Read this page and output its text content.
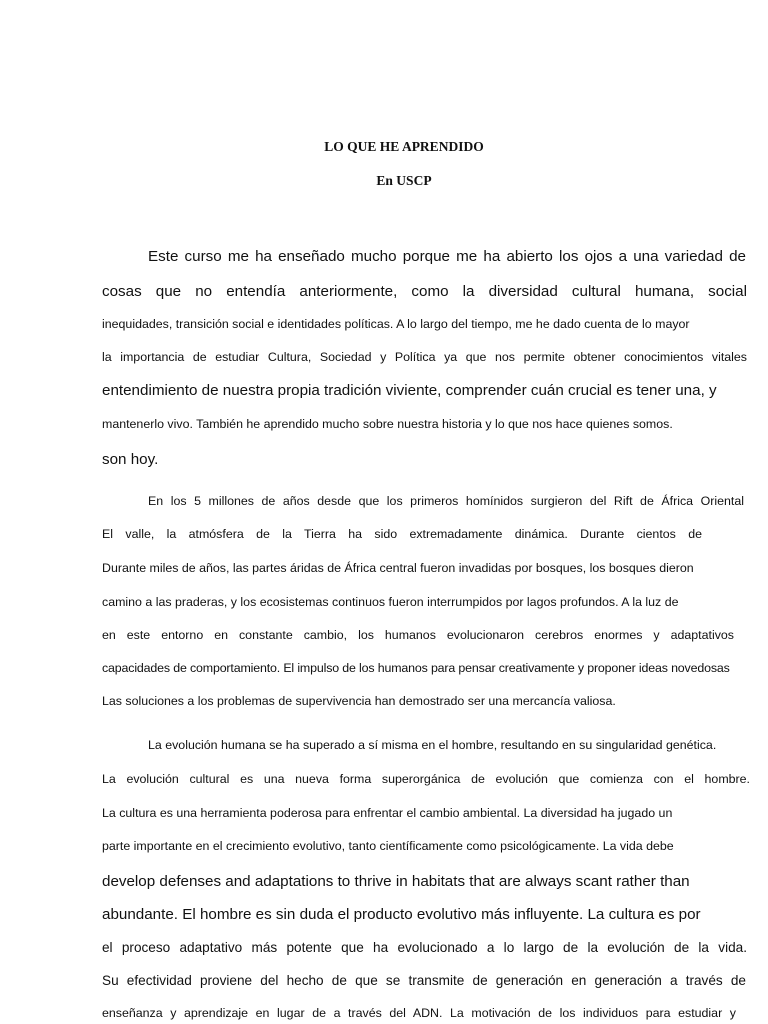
LO QUE HE APRENDIDO
En USCP
Este curso me ha enseñado mucho porque me ha abierto los ojos a una variedad de
cosas que no entendía anteriormente, como la diversidad cultural humana, social
inequidades, transición social e identidades políticas. A lo largo del tiempo, me he dado cuenta de lo mayor
la importancia de estudiar Cultura, Sociedad y Política ya que nos permite obtener conocimientos vitales
entendimiento de nuestra propia tradición viviente, comprender cuán crucial es tener una, y
mantenerlo vivo. También he aprendido mucho sobre nuestra historia y lo que nos hace quienes somos.
son hoy.
En los 5 millones de años desde que los primeros homínidos surgieron del Rift de África Oriental
El valle, la atmósfera de la Tierra ha sido extremadamente dinámica. Durante cientos de
Durante miles de años, las partes áridas de África central fueron invadidas por bosques, los bosques dieron
camino a las praderas, y los ecosistemas continuos fueron interrumpidos por lagos profundos. A la luz de
en este entorno en constante cambio, los humanos evolucionaron cerebros enormes y adaptativos
capacidades de comportamiento. El impulso de los humanos para pensar creativamente y proponer ideas novedosas
Las soluciones a los problemas de supervivencia han demostrado ser una mercancía valiosa.
La evolución humana se ha superado a sí misma en el hombre, resultando en su singularidad genética.
La evolución cultural es una nueva forma superorgánica de evolución que comienza con el hombre.
La cultura es una herramienta poderosa para enfrentar el cambio ambiental. La diversidad ha jugado un
parte importante en el crecimiento evolutivo, tanto científicamente como psicológicamente. La vida debe
develop defenses and adaptations to thrive in habitats that are always scant rather than
abundante. El hombre es sin duda el producto evolutivo más influyente. La cultura es por
el proceso adaptativo más potente que ha evolucionado a lo largo de la evolución de la vida.
Su efectividad proviene del hecho de que se transmite de generación en generación a través de
enseñanza y aprendizaje en lugar de a través del ADN. La motivación de los individuos para estudiar y
